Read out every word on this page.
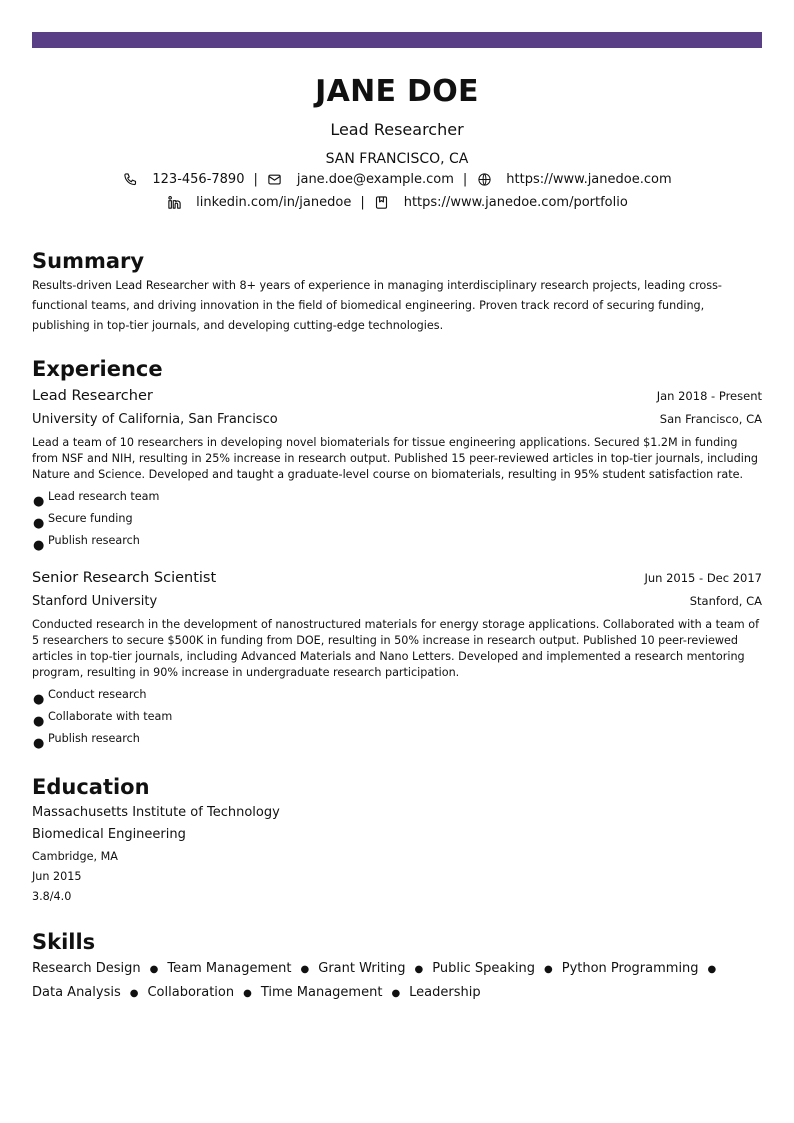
JANE DOE
Lead Researcher
SAN FRANCISCO, CA
123-456-7890 |	jane.doe@example.com |	https://www.janedoe.com
linkedin.com/in/janedoe |	https://www.janedoe.com/portfolio
Summary

Results-driven Lead Researcher with 8+ years of experience in managing interdisciplinary research projects, leading cross-functional teams, and driving innovation in the field of biomedical engineering. Proven track record of securing funding, publishing in top-tier journals, and developing cutting-edge technologies.

Experience
Lead Researcher	Jan 2018 - Present
University of California, San Francisco	San Francisco, CA

Lead a team of 10 researchers in developing novel biomaterials for tissue engineering applications. Secured $1.2M in funding from NSF and NIH, resulting in 25% increase in research output. Published 15 peer-reviewed articles in top-tier journals, including Nature and Science. Developed and taught a graduate-level course on biomaterials, resulting in 95% student satisfaction rate.

● Lead research team
● Secure funding
● Publish research
Senior Research Scientist	Jun 2015 - Dec 2017
Stanford University	Stanford, CA

Conducted research in the development of nanostructured materials for energy storage applications. Collaborated with a team of 5 researchers to secure $500K in funding from DOE, resulting in 50% increase in research output. Published 10 peer-reviewed articles in top-tier journals, including Advanced Materials and Nano Letters. Developed and implemented a research mentoring program, resulting in 90% increase in undergraduate research participation.

● Conduct research
● Collaborate with team
● Publish research
Education
Massachusetts Institute of Technology
Biomedical Engineering
Cambridge, MA
Jun 2015
3.8/4.0
Skills
Research Design ● Team Management ● Grant Writing ● Public Speaking ● Python Programming ●
Data Analysis ● Collaboration ● Time Management ● Leadership
